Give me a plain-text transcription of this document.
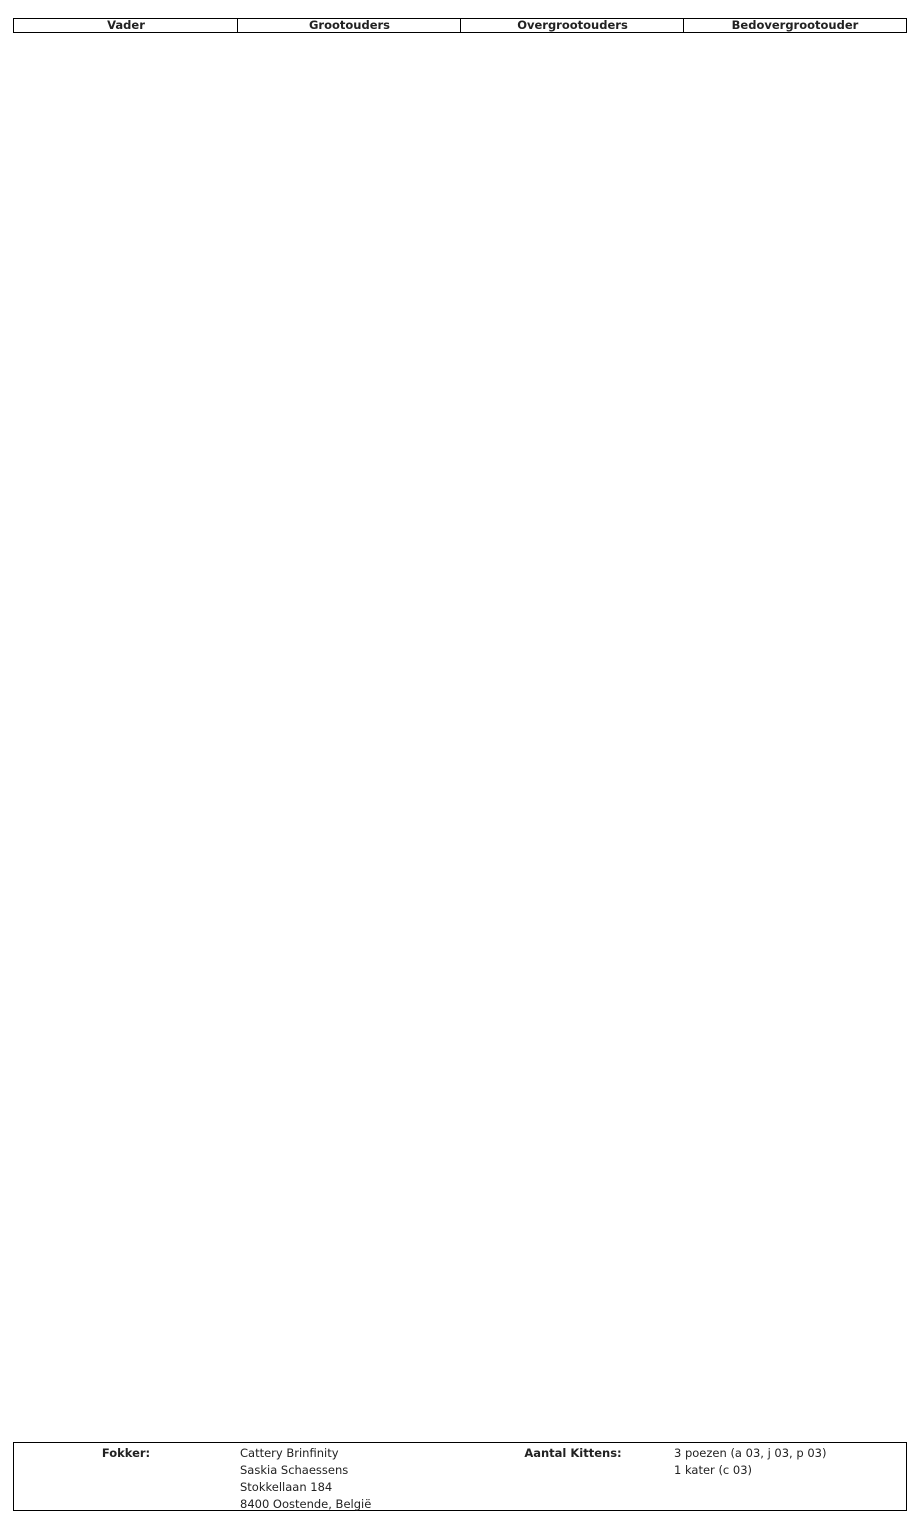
Vader	Grootouders	Overgrootouders	Bedovergrootouder
Fokker:	Cattery Brinfinity
Saskia Schaessens
Stokkellaan 184
8400 Oostende, België
Aantal Kittens:	3 poezen (a 03, j 03, p 03)
1 kater (c 03)
